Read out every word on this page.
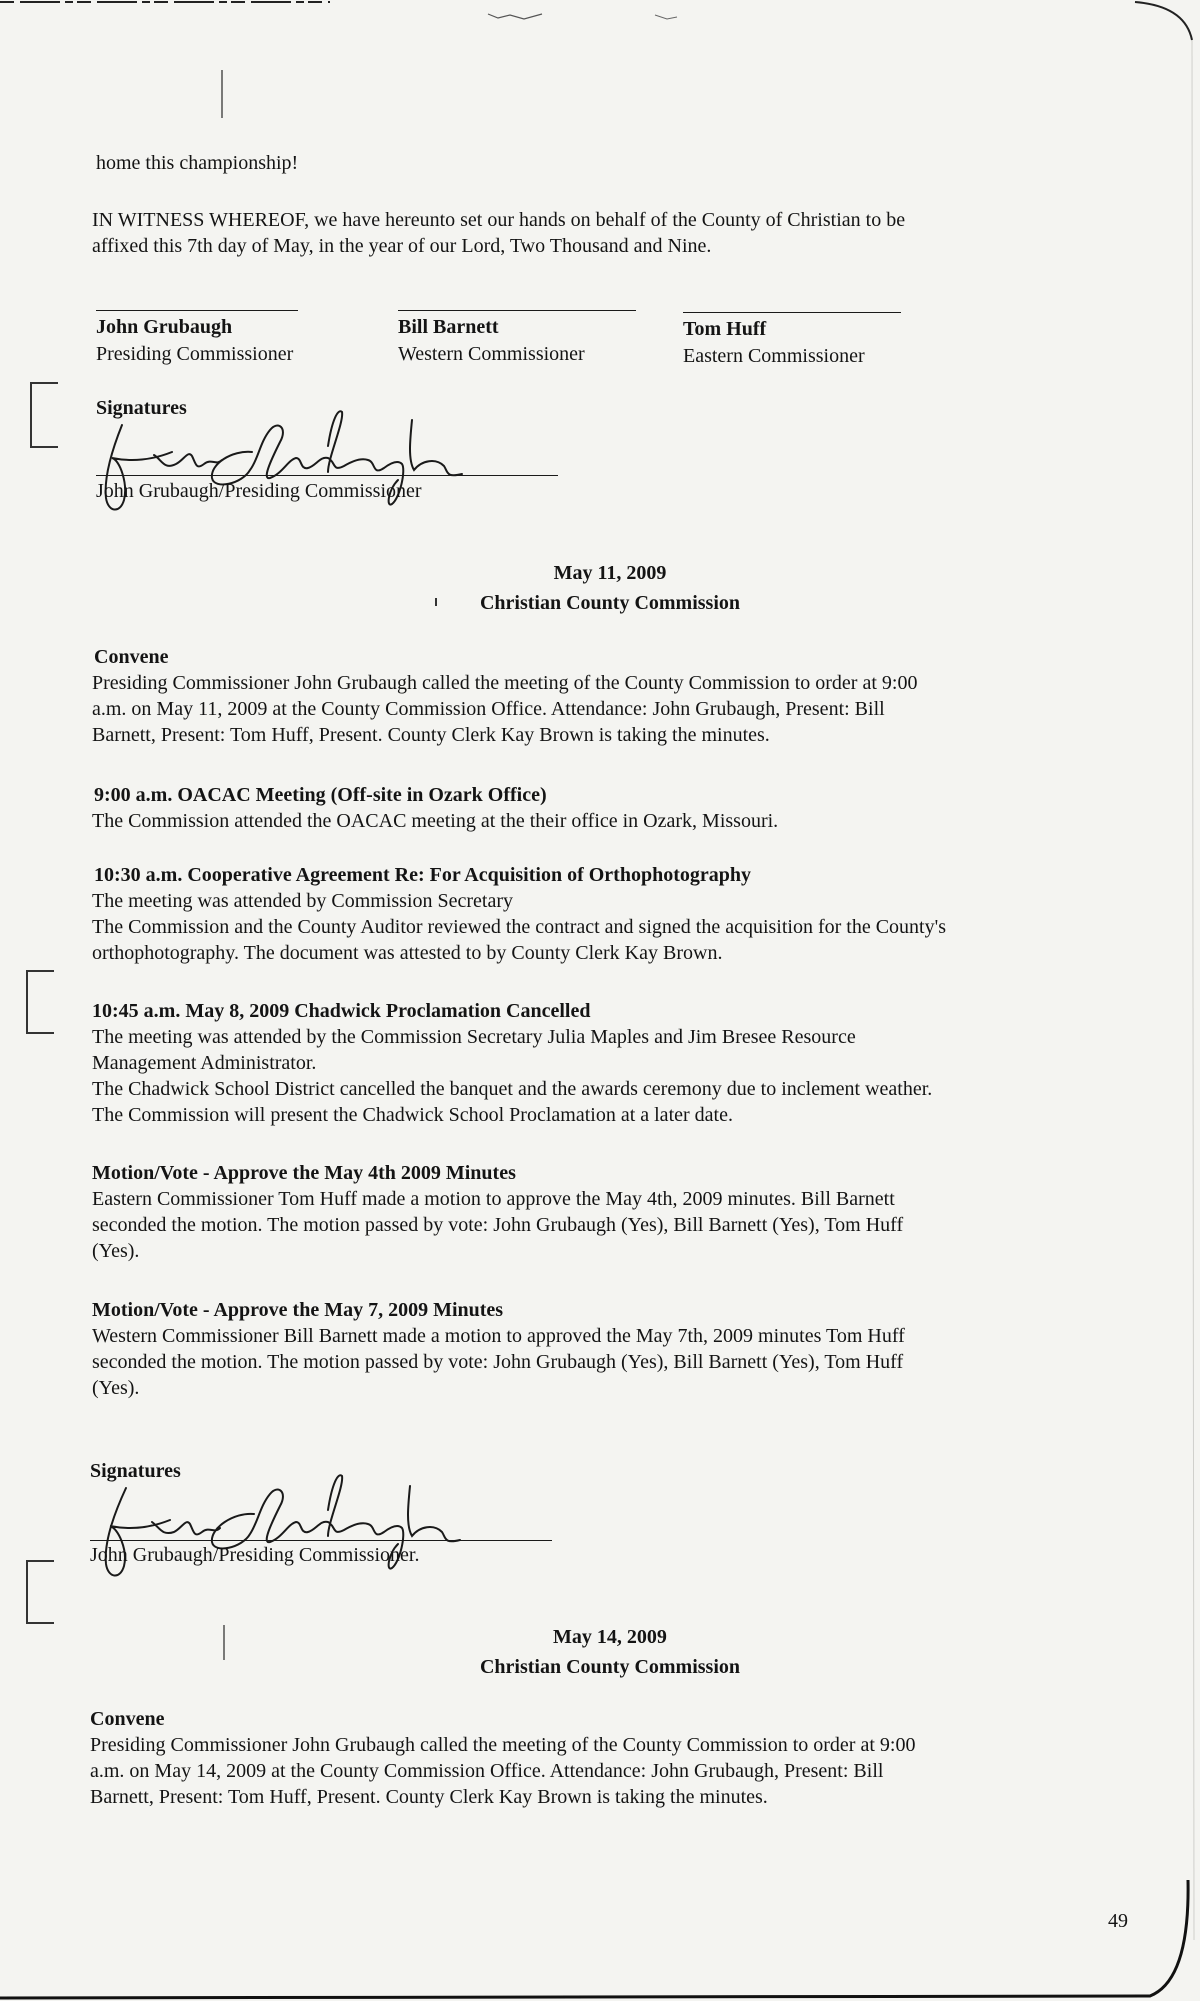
home this championship!
IN WITNESS WHEREOF, we have hereunto set our hands on behalf of the County of Christian to be
affixed this 7th day of May, in the year of our Lord, Two Thousand and Nine.
John Grubaugh
Presiding Commissioner
Bill Barnett
Western Commissioner
Tom Huff
Eastern Commissioner
Signatures
John Grubaugh/Presiding Commissioner
May 11, 2009
Christian County Commission
Convene
Presiding Commissioner John Grubaugh called the meeting of the County Commission to order at 9:00
a.m. on May 11, 2009 at the County Commission Office. Attendance: John Grubaugh, Present: Bill
Barnett, Present: Tom Huff, Present. County Clerk Kay Brown is taking the minutes.
9:00 a.m. OACAC Meeting (Off-site in Ozark Office)
The Commission attended the OACAC meeting at the their office in Ozark, Missouri.
10:30 a.m. Cooperative Agreement Re: For Acquisition of Orthophotography
The meeting was attended by Commission Secretary
The Commission and the County Auditor reviewed the contract and signed the acquisition for the County's
orthophotography. The document was attested to by County Clerk Kay Brown.
10:45 a.m. May 8, 2009 Chadwick Proclamation Cancelled
The meeting was attended by the Commission Secretary Julia Maples and Jim Bresee Resource
Management Administrator.
The Chadwick School District cancelled the banquet and the awards ceremony due to inclement weather.
The Commission will present the Chadwick School Proclamation at a later date.
Motion/Vote - Approve the May 4th 2009 Minutes
Eastern Commissioner Tom Huff made a motion to approve the May 4th, 2009 minutes. Bill Barnett
seconded the motion. The motion passed by vote: John Grubaugh (Yes), Bill Barnett (Yes), Tom Huff
(Yes).
Motion/Vote - Approve the May 7, 2009 Minutes
Western Commissioner Bill Barnett made a motion to approved the May 7th, 2009 minutes Tom Huff
seconded the motion. The motion passed by vote: John Grubaugh (Yes), Bill Barnett (Yes), Tom Huff
(Yes).
Signatures
John Grubaugh/Presiding Commissioner.
May 14, 2009
Christian County Commission
Convene
Presiding Commissioner John Grubaugh called the meeting of the County Commission to order at 9:00
a.m. on May 14, 2009 at the County Commission Office. Attendance: John Grubaugh, Present: Bill
Barnett, Present: Tom Huff, Present. County Clerk Kay Brown is taking the minutes.
49
